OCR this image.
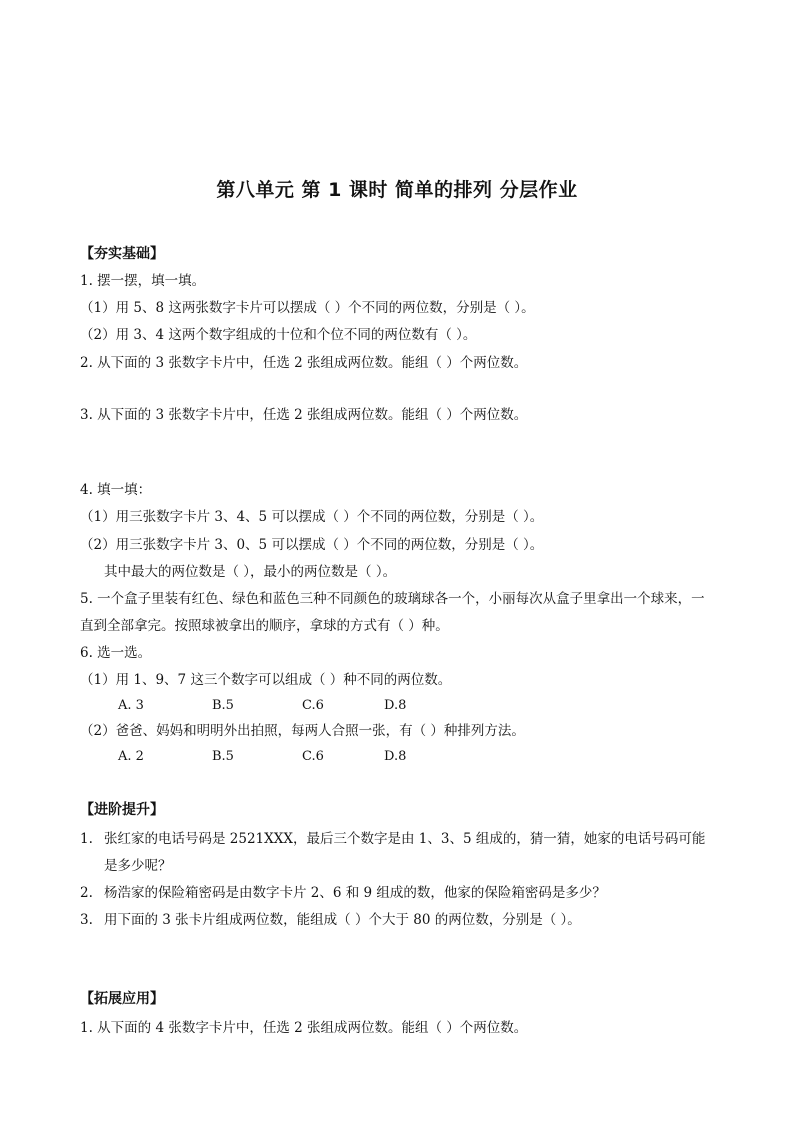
第八单元 第 1 课时 简单的排列 分层作业
【夯实基础】
1. 摆一摆，填一填。
（1）用 5、8 这两张数字卡片可以摆成（ ）个不同的两位数，分别是（ ）。
（2）用 3、4 这两个数字组成的十位和个位不同的两位数有（ ）。
2. 从下面的 3 张数字卡片中，任选 2 张组成两位数。能组（ ）个两位数。
3. 从下面的 3 张数字卡片中，任选 2 张组成两位数。能组（ ）个两位数。
4. 填一填：
（1）用三张数字卡片 3、4、5 可以摆成（ ）个不同的两位数，分别是（ ）。
（2）用三张数字卡片 3、0、5 可以摆成（ ）个不同的两位数，分别是（ ）。
其中最大的两位数是（ ），最小的两位数是（ ）。
5. 一个盒子里装有红色、绿色和蓝色三种不同颜色的玻璃球各一个，小丽每次从盒子里拿出一个球来，一
直到全部拿完。按照球被拿出的顺序，拿球的方式有（ ）种。
6. 选一选。
（1）用 1、9、7 这三个数字可以组成（ ）种不同的两位数。
A. 3	B.5	C.6	D.8
（2）爸爸、妈妈和明明外出拍照，每两人合照一张，有（ ）种排列方法。
A. 2	B.5	C.6	D.8
【进阶提升】
1. 张红家的电话号码是 2521XXX，最后三个数字是由 1、3、5 组成的，猜一猜，她家的电话号码可能
是多少呢？
2. 杨浩家的保险箱密码是由数字卡片 2、6 和 9 组成的数，他家的保险箱密码是多少？
3. 用下面的 3 张卡片组成两位数，能组成（ ）个大于 80 的两位数，分别是（ ）。
【拓展应用】
1. 从下面的 4 张数字卡片中，任选 2 张组成两位数。能组（ ）个两位数。
